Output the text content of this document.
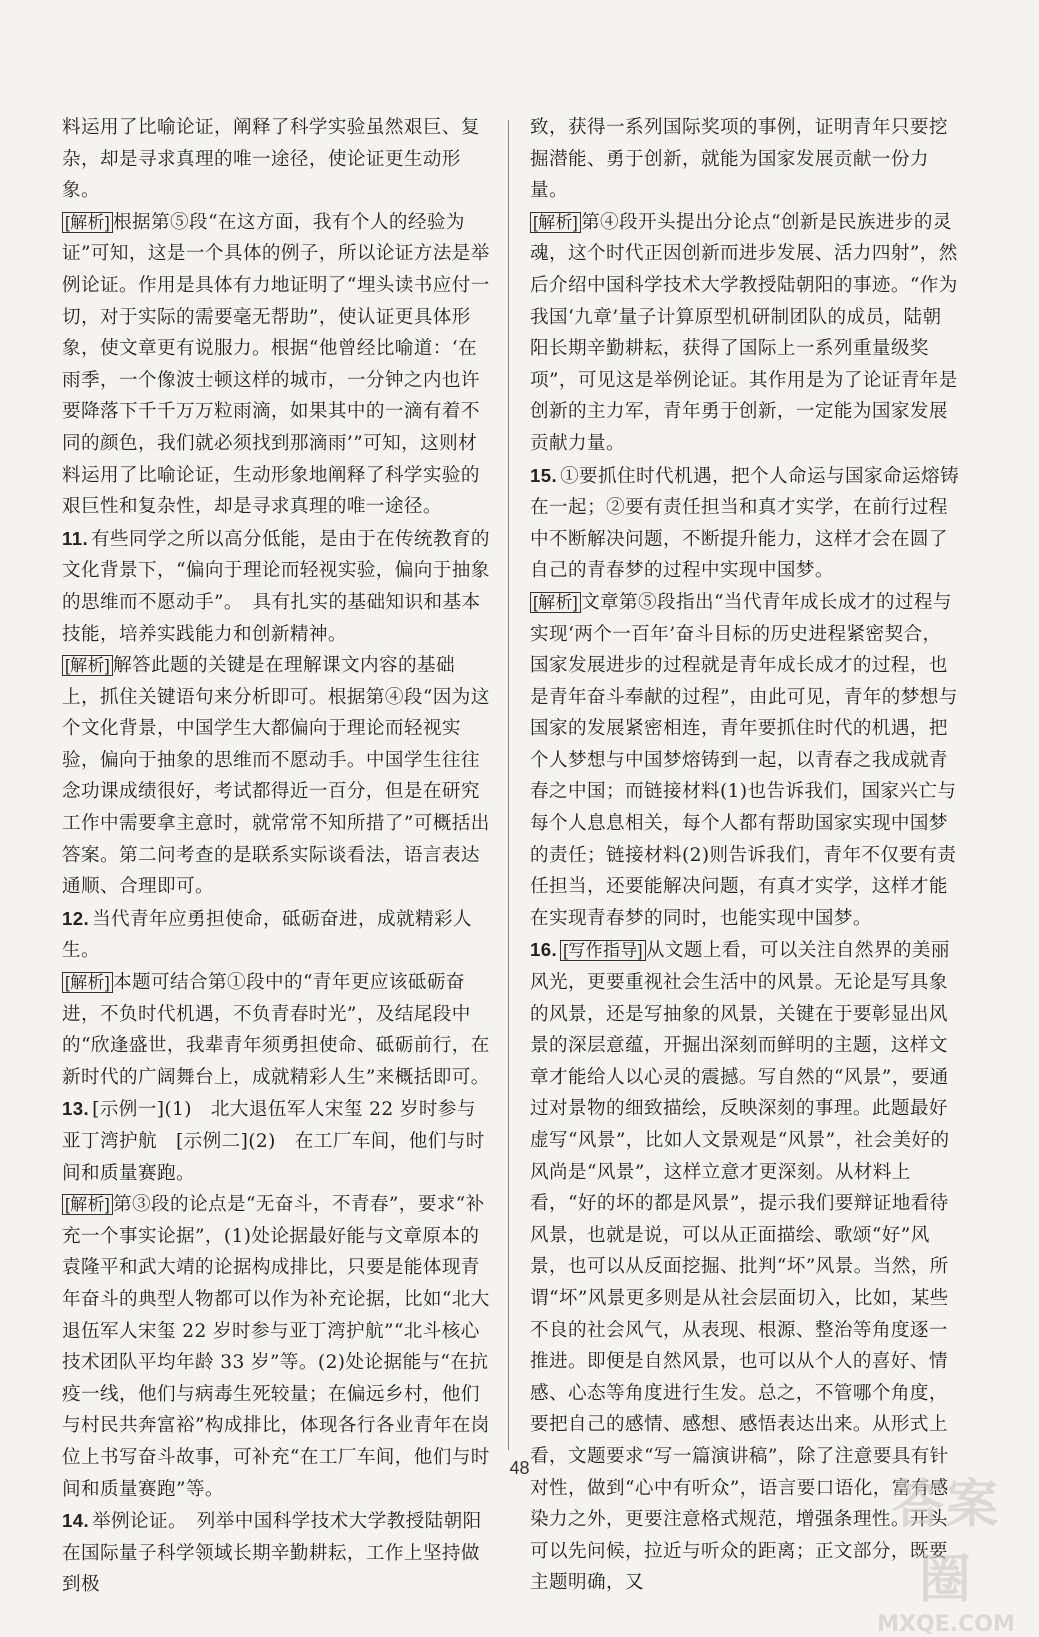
料运用了比喻论证，阐释了科学实验虽然艰巨、复杂，却是寻求真理的唯一途径，使论证更生动形象。

[解析] 根据第⑤段“在这方面，我有个人的经验为证”可知，这是一个具体的例子，所以论证方法是举例论证。作用是具体有力地证明了“埋头读书应付一切，对于实际的需要毫无帮助”，使认证更具体形象，使文章更有说服力。根据“他曾经比喻道：‘在雨季，一个像波士顿这样的城市，一分钟之内也许要降落下千千万万粒雨滴，如果其中的一滴有着不同的颜色，我们就必须找到那滴雨’”可知，这则材料运用了比喻论证，生动形象地阐释了科学实验的艰巨性和复杂性，却是寻求真理的唯一途径。

11. 有些同学之所以高分低能，是由于在传统教育的文化背景下，“偏向于理论而轻视实验，偏向于抽象的思维而不愿动手”。　具有扎实的基础知识和基本技能，培养实践能力和创新精神。

[解析] 解答此题的关键是在理解课文内容的基础上，抓住关键语句来分析即可。根据第④段“因为这个文化背景，中国学生大都偏向于理论而轻视实验，偏向于抽象的思维而不愿动手。中国学生往往念功课成绩很好，考试都得近一百分，但是在研究工作中需要拿主意时，就常常不知所措了”可概括出答案。第二问考查的是联系实际谈看法，语言表达通顺、合理即可。

12. 当代青年应勇担使命，砥砺奋进，成就精彩人生。

[解析] 本题可结合第①段中的“青年更应该砥砺奋进，不负时代机遇，不负青春时光”，及结尾段中的“欣逢盛世，我辈青年须勇担使命、砥砺前行，在新时代的广阔舞台上，成就精彩人生”来概括即可。

13. [示例一](1)　北大退伍军人宋玺 22 岁时参与亚丁湾护航　[示例二](2)　在工厂车间，他们与时间和质量赛跑。

[解析] 第③段的论点是“无奋斗，不青春”，要求“补充一个事实论据”，(1)处论据最好能与文章原本的袁隆平和武大靖的论据构成排比，只要是能体现青年奋斗的典型人物都可以作为补充论据，比如“北大退伍军人宋玺 22 岁时参与亚丁湾护航”“北斗核心技术团队平均年龄 33 岁”等。(2)处论据能与“在抗疫一线，他们与病毒生死较量；在偏远乡村，他们与村民共奔富裕”构成排比，体现各行各业青年在岗位上书写奋斗故事，可补充“在工厂车间，他们与时间和质量赛跑”等。

14. 举例论证。　列举中国科学技术大学教授陆朝阳在国际量子科学领域长期辛勤耕耘，工作上坚持做到极

致，获得一系列国际奖项的事例，证明青年只要挖掘潜能、勇于创新，就能为国家发展贡献一份力量。

[解析] 第④段开头提出分论点“创新是民族进步的灵魂，这个时代正因创新而进步发展、活力四射”，然后介绍中国科学技术大学教授陆朝阳的事迹。“作为我国‘九章’量子计算原型机研制团队的成员，陆朝阳长期辛勤耕耘，获得了国际上一系列重量级奖项”，可见这是举例论证。其作用是为了论证青年是创新的主力军，青年勇于创新，一定能为国家发展贡献力量。

15. ①要抓住时代机遇，把个人命运与国家命运熔铸在一起；②要有责任担当和真才实学，在前行过程中不断解决问题，不断提升能力，这样才会在圆了自己的青春梦的过程中实现中国梦。

[解析] 文章第⑤段指出“当代青年成长成才的过程与实现‘两个一百年’奋斗目标的历史进程紧密契合，国家发展进步的过程就是青年成长成才的过程，也是青年奋斗奉献的过程”，由此可见，青年的梦想与国家的发展紧密相连，青年要抓住时代的机遇，把个人梦想与中国梦熔铸到一起，以青春之我成就青春之中国；而链接材料(1)也告诉我们，国家兴亡与每个人息息相关，每个人都有帮助国家实现中国梦的责任；链接材料(2)则告诉我们，青年不仅要有责任担当，还要能解决问题，有真才实学，这样才能在实现青春梦的同时，也能实现中国梦。

16. [写作指导] 从文题上看，可以关注自然界的美丽风光，更要重视社会生活中的风景。无论是写具象的风景，还是写抽象的风景，关键在于要彰显出风景的深层意蕴，开掘出深刻而鲜明的主题，这样文章才能给人以心灵的震撼。写自然的“风景”，要通过对景物的细致描绘，反映深刻的事理。此题最好虚写“风景”，比如人文景观是“风景”，社会美好的风尚是“风景”，这样立意才更深刻。从材料上看，“好的坏的都是风景”，提示我们要辩证地看待风景，也就是说，可以从正面描绘、歌颂“好”风景，也可以从反面挖掘、批判“坏”风景。当然，所谓“坏”风景更多则是从社会层面切入，比如，某些不良的社会风气，从表现、根源、整治等角度逐一推进。即便是自然风景，也可以从个人的喜好、情感、心态等角度进行生发。总之，不管哪个角度，要把自己的感情、感想、感悟表达出来。从形式上看，文题要求“写一篇演讲稿”，除了注意要具有针对性，做到“心中有听众”，语言要口语化，富有感染力之外，更要注意格式规范，增强条理性。开头可以先问候，拉近与听众的距离；正文部分，既要主题明确，又

48
答案圈
MXQE.COM
